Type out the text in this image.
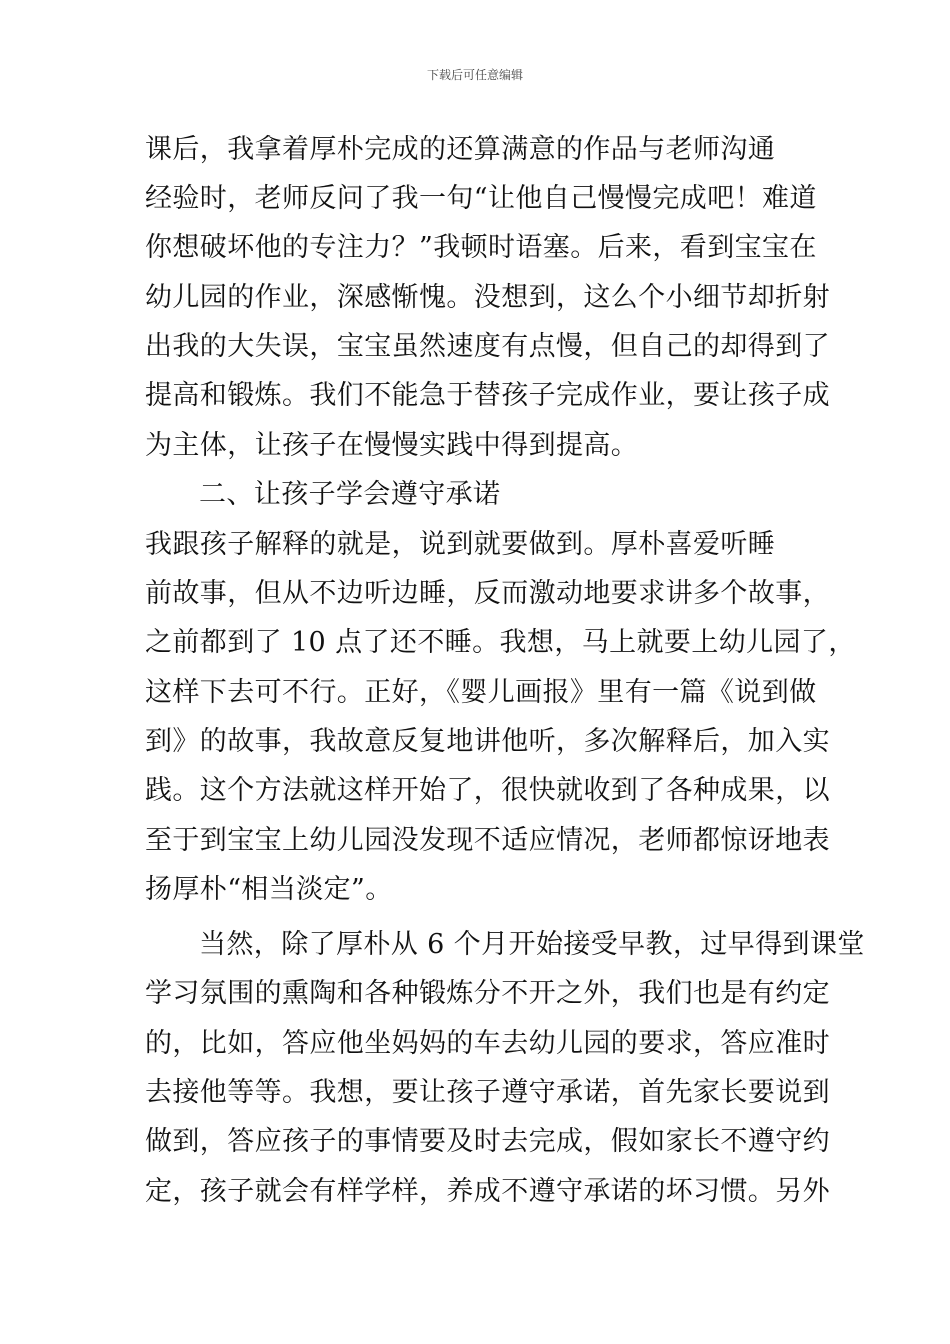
下载后可任意编辑
课后，我拿着厚朴完成的还算满意的作品与老师沟通
经验时，老师反问了我一句“让他自己慢慢完成吧！难道
你想破坏他的专注力？”我顿时语塞。后来，看到宝宝在
幼儿园的作业，深感惭愧。没想到，这么个小细节却折射
出我的大失误，宝宝虽然速度有点慢，但自己的却得到了
提高和锻炼。我们不能急于替孩子完成作业，要让孩子成
为主体，让孩子在慢慢实践中得到提高。
二、让孩子学会遵守承诺
我跟孩子解释的就是，说到就要做到。厚朴喜爱听睡
前故事，但从不边听边睡，反而激动地要求讲多个故事，
之前都到了 10 点了还不睡。我想，马上就要上幼儿园了，
这样下去可不行。正好，《婴儿画报》里有一篇《说到做
到》的故事，我故意反复地讲他听，多次解释后，加入实
践。这个方法就这样开始了，很快就收到了各种成果，以
至于到宝宝上幼儿园没发现不适应情况，老师都惊讶地表
扬厚朴“相当淡定”。
当然，除了厚朴从 6 个月开始接受早教，过早得到课堂
学习氛围的熏陶和各种锻炼分不开之外，我们也是有约定
的，比如，答应他坐妈妈的车去幼儿园的要求，答应准时
去接他等等。我想，要让孩子遵守承诺，首先家长要说到
做到，答应孩子的事情要及时去完成，假如家长不遵守约
定，孩子就会有样学样，养成不遵守承诺的坏习惯。另外
